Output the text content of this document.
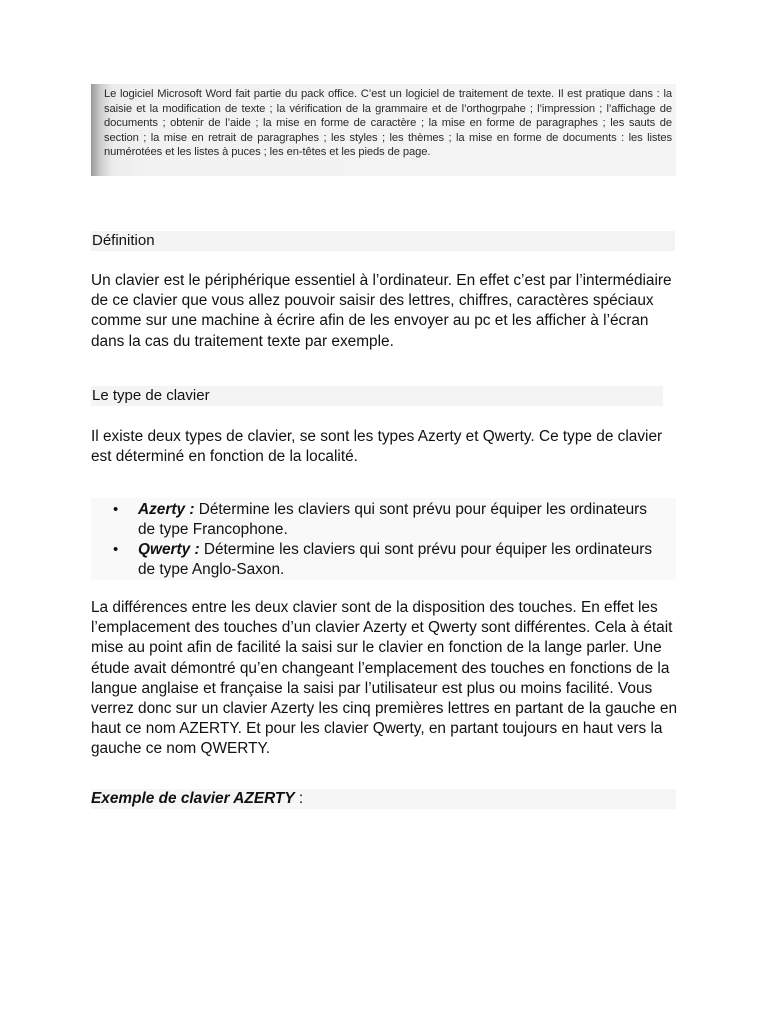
Le logiciel Microsoft Word fait partie du pack office. C’est un logiciel de traitement de texte. Il est pratique dans : la saisie et la modification de texte ; la vérification de la grammaire et de l’orthogrpahe ; l’impression ; l’affichage de documents ; obtenir de l’aide ; la mise en forme de caractère ; la mise en forme de paragraphes ; les sauts de section ; la mise en retrait de paragraphes ; les styles ; les thèmes ; la mise en forme de documents : les listes numérotées et les listes à puces ; les en-têtes et les pieds de page.
Définition
Un clavier est le périphérique essentiel à l’ordinateur. En effet c’est par l’intermédiaire de ce clavier que vous allez pouvoir saisir des lettres, chiffres, caractères spéciaux comme sur une machine à écrire afin de les envoyer au pc et les afficher à l’écran dans la cas du traitement texte par exemple.
Le type de clavier
Il existe deux types de clavier, se sont les types Azerty et Qwerty. Ce type de clavier est déterminé en fonction de la localité.
• Azerty : Détermine les claviers qui sont prévu pour équiper les ordinateurs de type Francophone.
• Qwerty : Détermine les claviers qui sont prévu pour équiper les ordinateurs de type Anglo-Saxon.
La différences entre les deux clavier sont de la disposition des touches. En effet les l’emplacement des touches d’un clavier Azerty et Qwerty sont différentes. Cela à était mise au point afin de facilité la saisi sur le clavier en fonction de la lange parler. Une étude avait démontré qu’en changeant l’emplacement des touches en fonctions de la langue anglaise et française la saisi par l’utilisateur est plus ou moins facilité. Vous verrez donc sur un clavier Azerty les cinq premières lettres en partant de la gauche en haut ce nom AZERTY. Et pour les clavier Qwerty, en partant toujours en haut vers la gauche ce nom QWERTY.
Exemple de clavier AZERTY :
